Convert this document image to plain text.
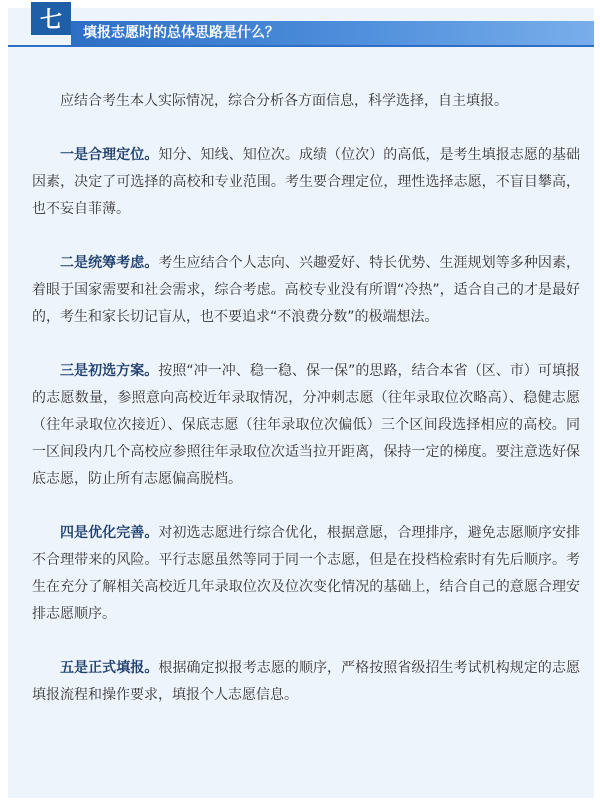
七	填报志愿时的总体思路是什么？

应结合考生本人实际情况，综合分析各方面信息，科学选择，自主填报。

一是合理定位。知分、知线、知位次。成绩（位次）的高低，是考生填报志愿的基础因素，决定了可选择的高校和专业范围。考生要合理定位，理性选择志愿，不盲目攀高，也不妄自菲薄。

二是统筹考虑。考生应结合个人志向、兴趣爱好、特长优势、生涯规划等多种因素，着眼于国家需要和社会需求，综合考虑。高校专业没有所谓“冷热”，适合自己的才是最好的，考生和家长切记盲从，也不要追求“不浪费分数”的极端想法。

三是初选方案。按照“冲一冲、稳一稳、保一保”的思路，结合本省（区、市）可填报的志愿数量，参照意向高校近年录取情况，分冲刺志愿（往年录取位次略高）、稳健志愿（往年录取位次接近）、保底志愿（往年录取位次偏低）三个区间段选择相应的高校。同一区间段内几个高校应参照往年录取位次适当拉开距离，保持一定的梯度。要注意选好保底志愿，防止所有志愿偏高脱档。

四是优化完善。对初选志愿进行综合优化，根据意愿，合理排序，避免志愿顺序安排不合理带来的风险。平行志愿虽然等同于同一个志愿，但是在投档检索时有先后顺序。考生在充分了解相关高校近几年录取位次及位次变化情况的基础上，结合自己的意愿合理安排志愿顺序。

五是正式填报。根据确定拟报考志愿的顺序，严格按照省级招生考试机构规定的志愿填报流程和操作要求，填报个人志愿信息。
